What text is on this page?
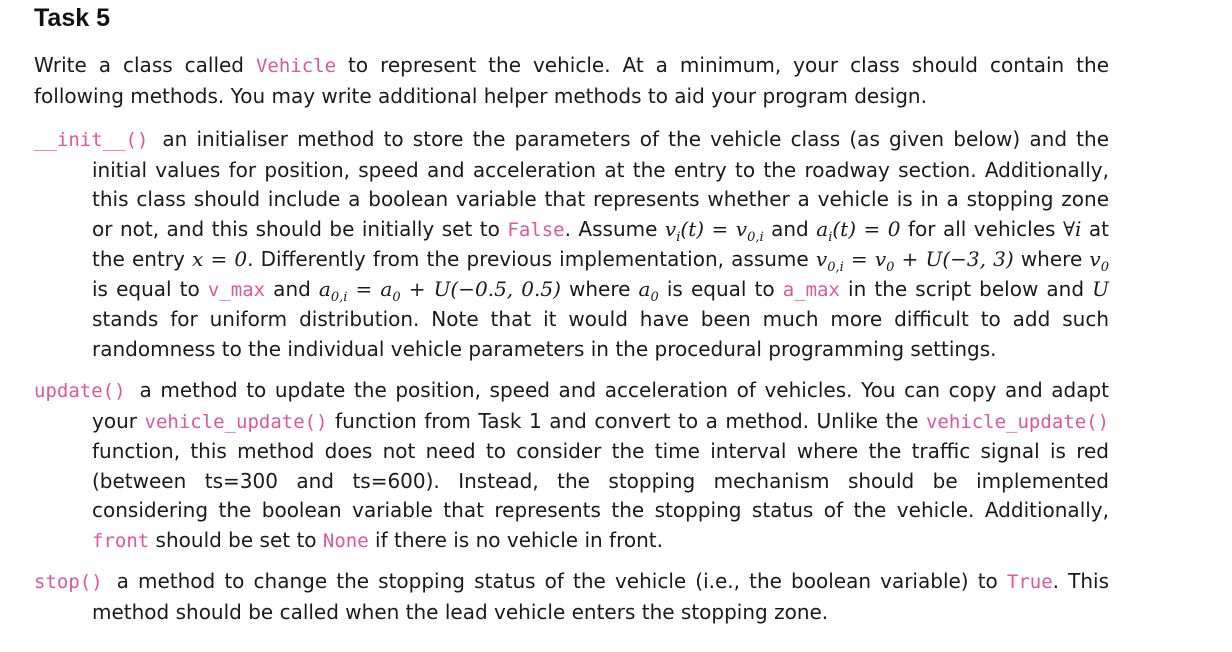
Task 5
Write a class called Vehicle to represent the vehicle. At a minimum, your class should contain the following methods. You may write additional helper methods to aid your program design.
__init__() an initialiser method to store the parameters of the vehicle class (as given below) and the initial values for position, speed and acceleration at the entry to the roadway section. Additionally, this class should include a boolean variable that represents whether a vehicle is in a stopping zone or not, and this should be initially set to False. Assume $v_i(t) = v_{0,i}$ and $a_i(t) = 0$ for all vehicles ∀i at the entry x = 0. Differently from the previous implementation, assume $v_{0,i} = v_0 + U(-3$, 3) where $v_0$ is equal to v_max and $a_{0,i} = a_0 + U(-0.5$, 0.5) where $a_0$ is equal to a_max in the script below and U stands for uniform distribution. Note that it would have been much more difficult to add such randomness to the individual vehicle parameters in the procedural programming settings.
update() a method to update the position, speed and acceleration of vehicles. You can copy and adapt your vehicle_update() function from Task 1 and convert to a method. Unlike the vehicle_update() function, this method does not need to consider the time interval where the traffic signal is red (between ts=300 and ts=600). Instead, the stopping mechanism should be implemented considering the boolean variable that represents the stopping status of the vehicle. Additionally, front should be set to None if there is no vehicle in front.
stop() a method to change the stopping status of the vehicle (i.e., the boolean variable) to True. This method should be called when the lead vehicle enters the stopping zone.
